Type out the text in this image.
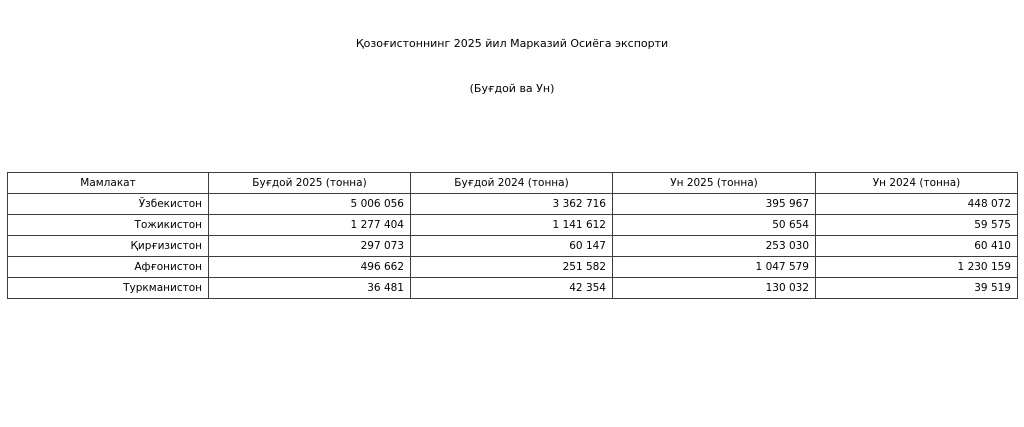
Қозоғистоннинг 2025 йил Марказий Осиёга экспорти

(Буғдой ва Ун)

Мамлакат	Буғдой 2025 (тонна)	Буғдой 2024 (тонна)	Ун 2025 (тонна)	Ун 2024 (тонна)
Ўзбекистон	5 006 056	3 362 716	395 967	448 072
Тожикистон	1 277 404	1 141 612	50 654	59 575
Қирғизистон	297 073	60 147	253 030	60 410
Афғонистон	496 662	251 582	1 047 579	1 230 159
Туркманистон	36 481	42 354	130 032	39 519
